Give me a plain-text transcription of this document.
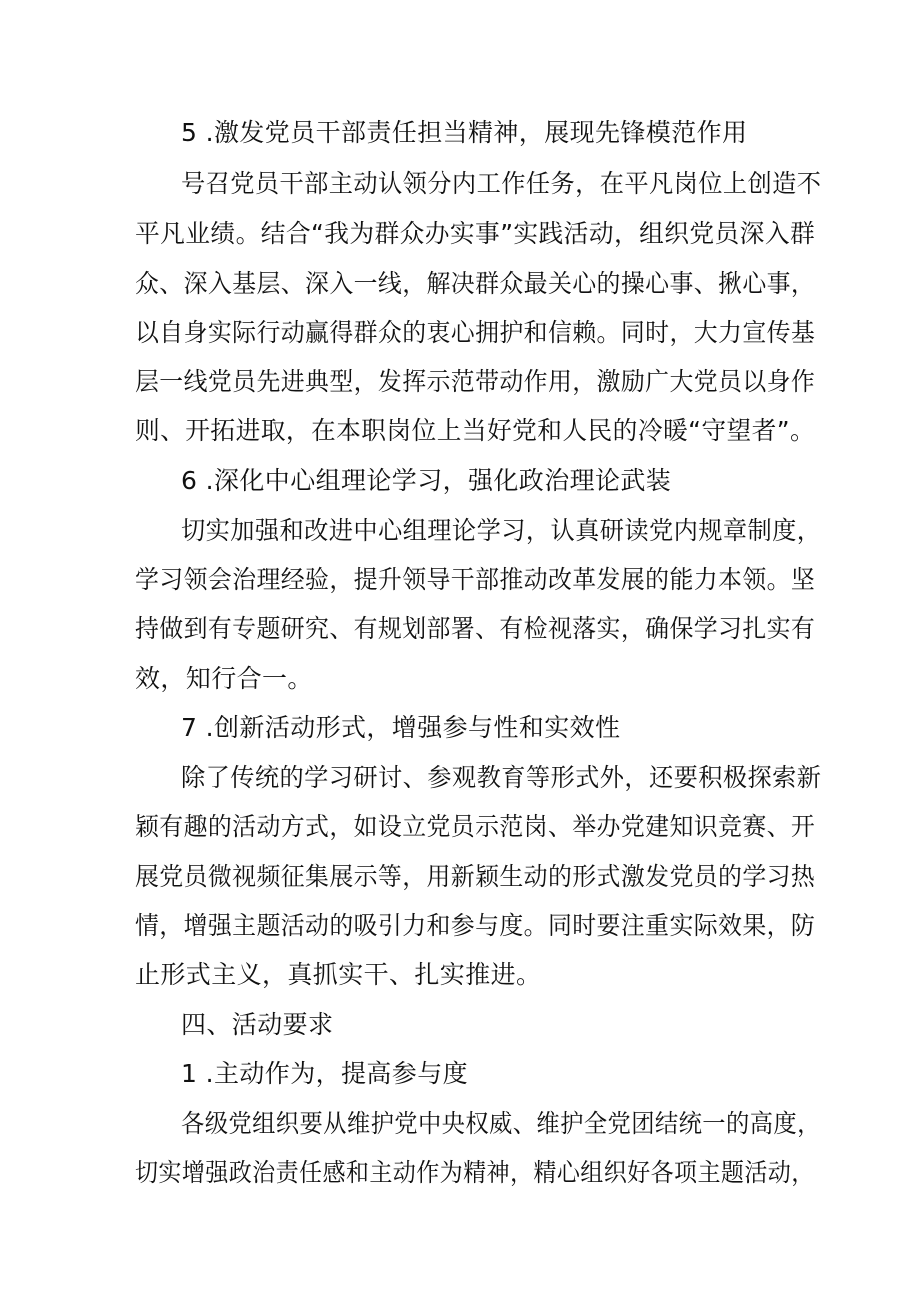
5 .激发党员干部责任担当精神，展现先锋模范作用
号召党员干部主动认领分内工作任务，在平凡岗位上创造不
平凡业绩。结合“我为群众办实事”实践活动，组织党员深入群
众、深入基层、深入一线，解决群众最关心的操心事、揪心事，
以自身实际行动赢得群众的衷心拥护和信赖。同时，大力宣传基
层一线党员先进典型，发挥示范带动作用，激励广大党员以身作
则、开拓进取，在本职岗位上当好党和人民的冷暖“守望者”。
6 .深化中心组理论学习，强化政治理论武装
切实加强和改进中心组理论学习，认真研读党内规章制度，
学习领会治理经验，提升领导干部推动改革发展的能力本领。坚
持做到有专题研究、有规划部署、有检视落实，确保学习扎实有
效，知行合一。
7 .创新活动形式，增强参与性和实效性
除了传统的学习研讨、参观教育等形式外，还要积极探索新
颖有趣的活动方式，如设立党员示范岗、举办党建知识竞赛、开
展党员微视频征集展示等，用新颖生动的形式激发党员的学习热
情，增强主题活动的吸引力和参与度。同时要注重实际效果，防
止形式主义，真抓实干、扎实推进。
四、活动要求
1 .主动作为，提高参与度
各级党组织要从维护党中央权威、维护全党团结统一的高度，
切实增强政治责任感和主动作为精神，精心组织好各项主题活动，
